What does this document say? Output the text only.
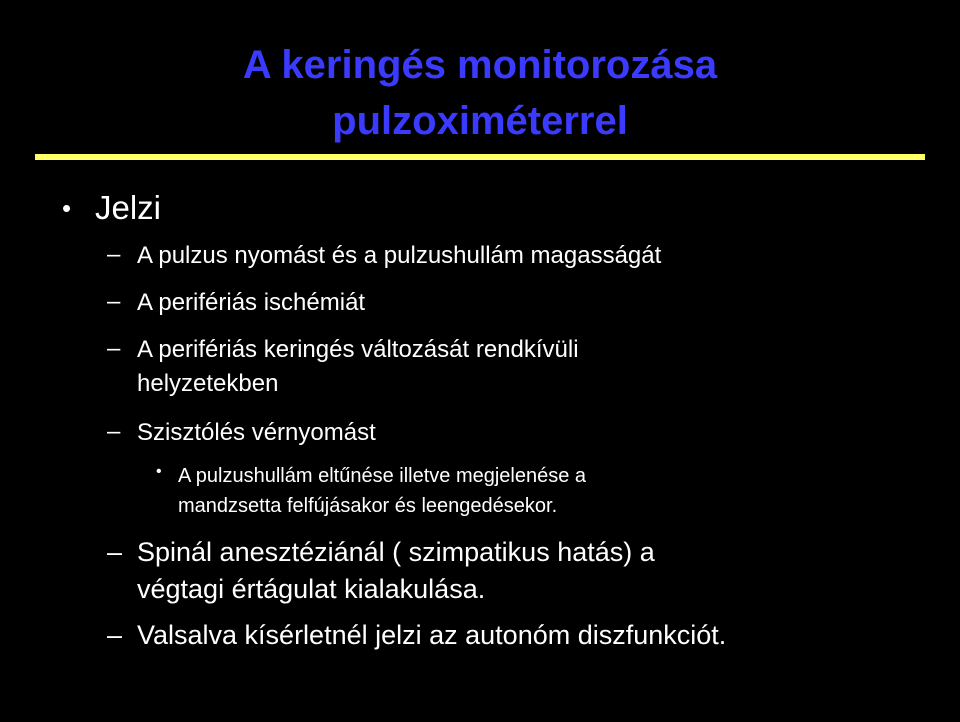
A keringés monitorozása
pulzoximéterrel
• Jelzi

– A pulzus nyomást és a pulzushullám magasságát

– A perifériás ischémiát

– A perifériás keringés változását rendkívüli

helyzetekben

– Szisztólés vérnyomást

• A pulzushullám eltűnése illetve megjelenése a

mandzsetta felfújásakor és leengedésekor.

– Spinál anesztéziánál ( szimpatikus hatás) a

végtagi értágulat kialakulása.

– Valsalva kísérletnél jelzi az autonóm diszfunkciót.
